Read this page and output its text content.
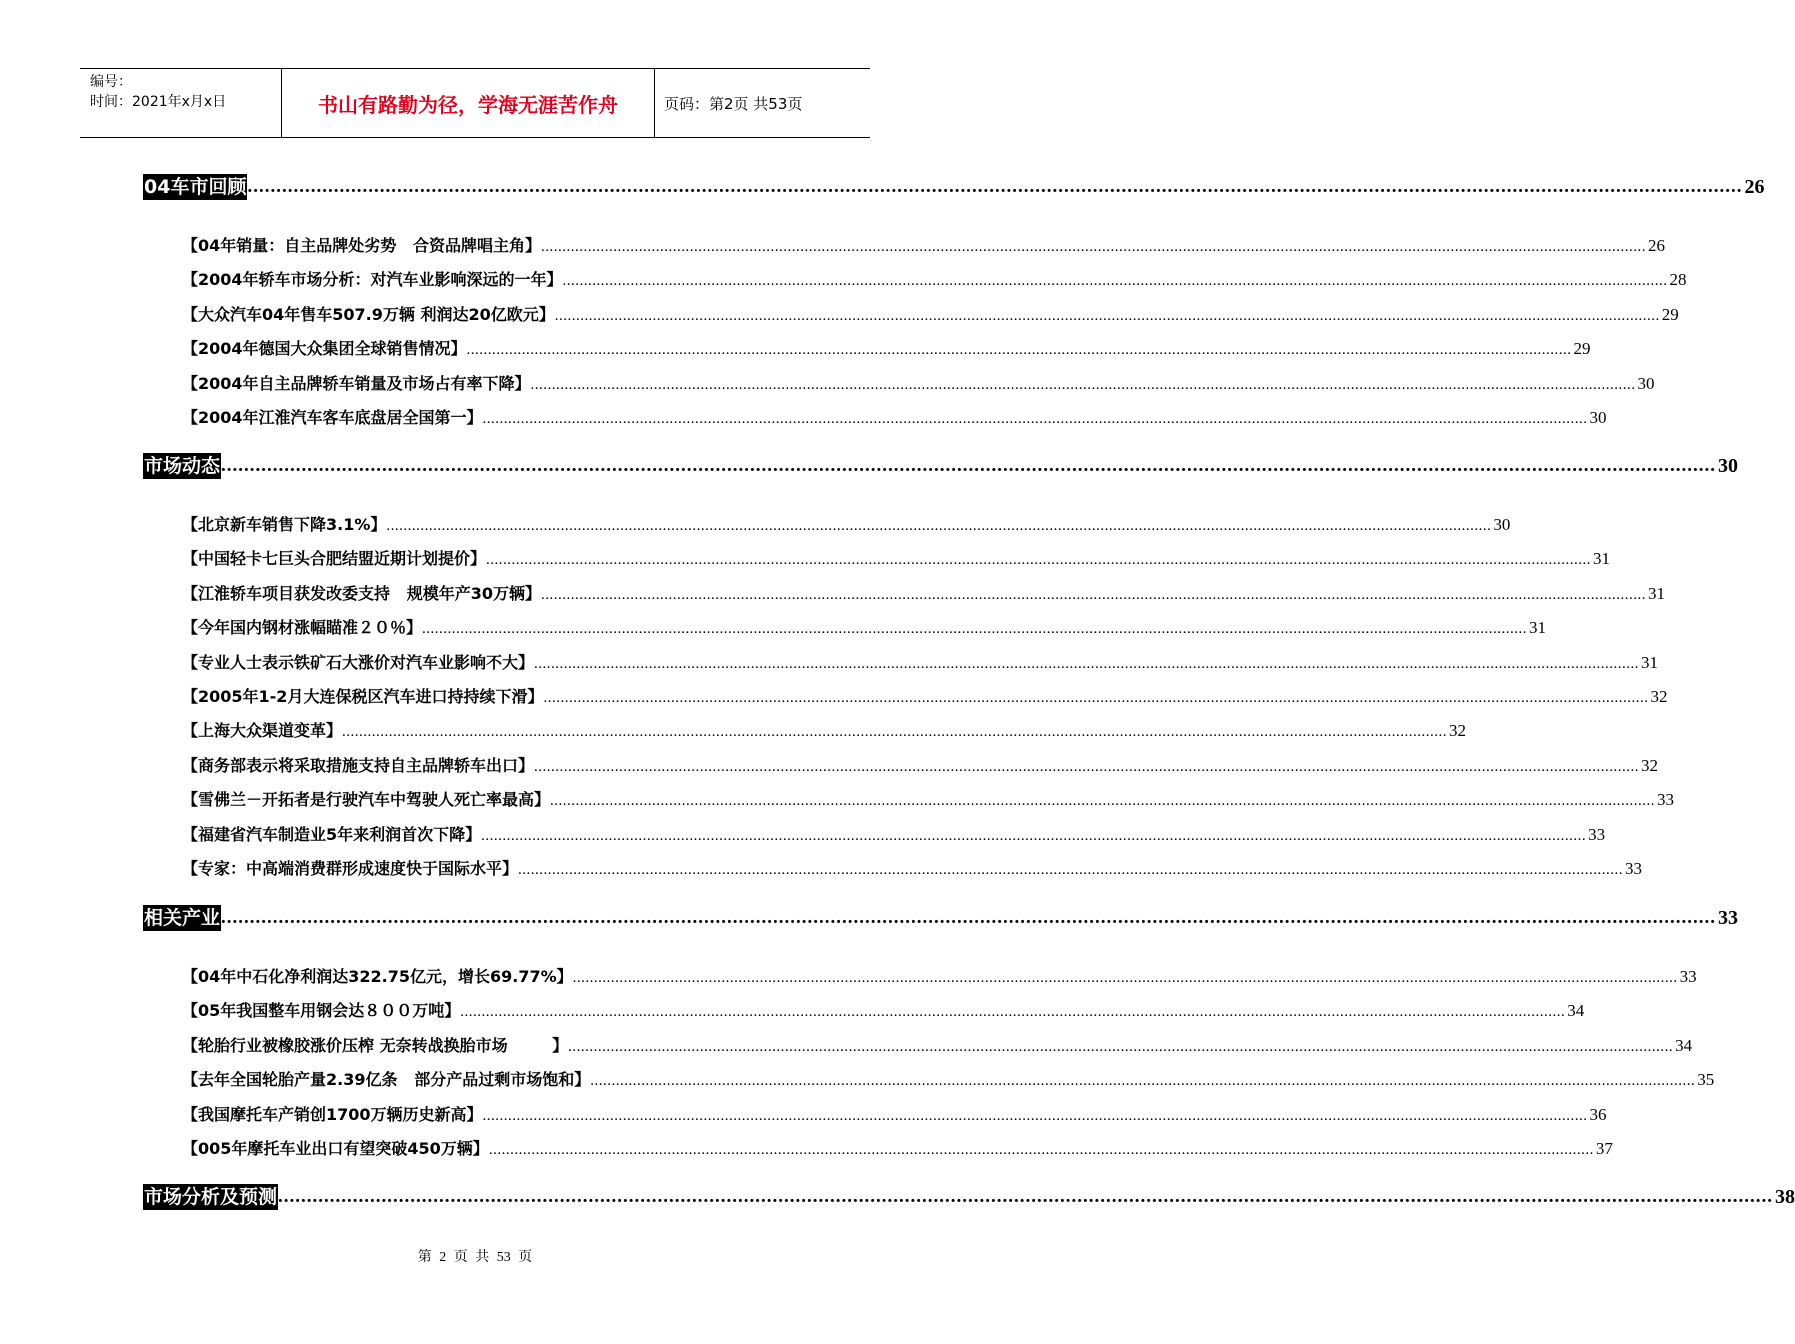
编号：
时间：2021年x月x日	书山有路勤为径，学海无涯苦作舟	页码：第2页 共53页
04车市回顾 .................................................................................................................................................................................................................................................................... 26
【04年销量：自主品牌处劣势   合资品牌唱主角】 .................................................................................................................................................................................................................................................................... 26
【2004年轿车市场分析：对汽车业影响深远的一年】 .................................................................................................................................................................................................................................................................... 28
【大众汽车04年售车507.9万辆 利润达20亿欧元】 .................................................................................................................................................................................................................................................................... 29
【2004年德国大众集团全球销售情况】 .................................................................................................................................................................................................................................................................... 29
【2004年自主品牌轿车销量及市场占有率下降】 .................................................................................................................................................................................................................................................................... 30
【2004年江淮汽车客车底盘居全国第一】 .................................................................................................................................................................................................................................................................... 30
市场动态 .................................................................................................................................................................................................................................................................... 30
【北京新车销售下降3.1%】 .................................................................................................................................................................................................................................................................... 30
【中国轻卡七巨头合肥结盟近期计划提价】 .................................................................................................................................................................................................................................................................... 31
【江淮轿车项目获发改委支持   规模年产30万辆】 .................................................................................................................................................................................................................................................................... 31
【今年国内钢材涨幅瞄准２０％】 .................................................................................................................................................................................................................................................................... 31
【专业人士表示铁矿石大涨价对汽车业影响不大】 .................................................................................................................................................................................................................................................................... 31
【2005年1-2月大连保税区汽车进口持持续下滑】 .................................................................................................................................................................................................................................................................... 32
【上海大众渠道变革】 .................................................................................................................................................................................................................................................................... 32
【商务部表示将采取措施支持自主品牌轿车出口】 .................................................................................................................................................................................................................................................................... 32
【雪佛兰－开拓者是行驶汽车中驾驶人死亡率最高】 .................................................................................................................................................................................................................................................................... 33
【福建省汽车制造业5年来利润首次下降】 .................................................................................................................................................................................................................................................................... 33
【专家：中高端消费群形成速度快于国际水平】 .................................................................................................................................................................................................................................................................... 33
相关产业 .................................................................................................................................................................................................................................................................... 33
【04年中石化净利润达322.75亿元，增长69.77%】 .................................................................................................................................................................................................................................................................... 33
【05年我国整车用钢会达８００万吨】 .................................................................................................................................................................................................................................................................... 34
【轮胎行业被橡胶涨价压榨 无奈转战换胎市场        】 .................................................................................................................................................................................................................................................................... 34
【去年全国轮胎产量2.39亿条   部分产品过剩市场饱和】 .................................................................................................................................................................................................................................................................... 35
【我国摩托车产销创1700万辆历史新高】 .................................................................................................................................................................................................................................................................... 36
【005年摩托车业出口有望突破450万辆】 .................................................................................................................................................................................................................................................................... 37
市场分析及预测 .................................................................................................................................................................................................................................................................... 38
第 2 页 共 53 页
